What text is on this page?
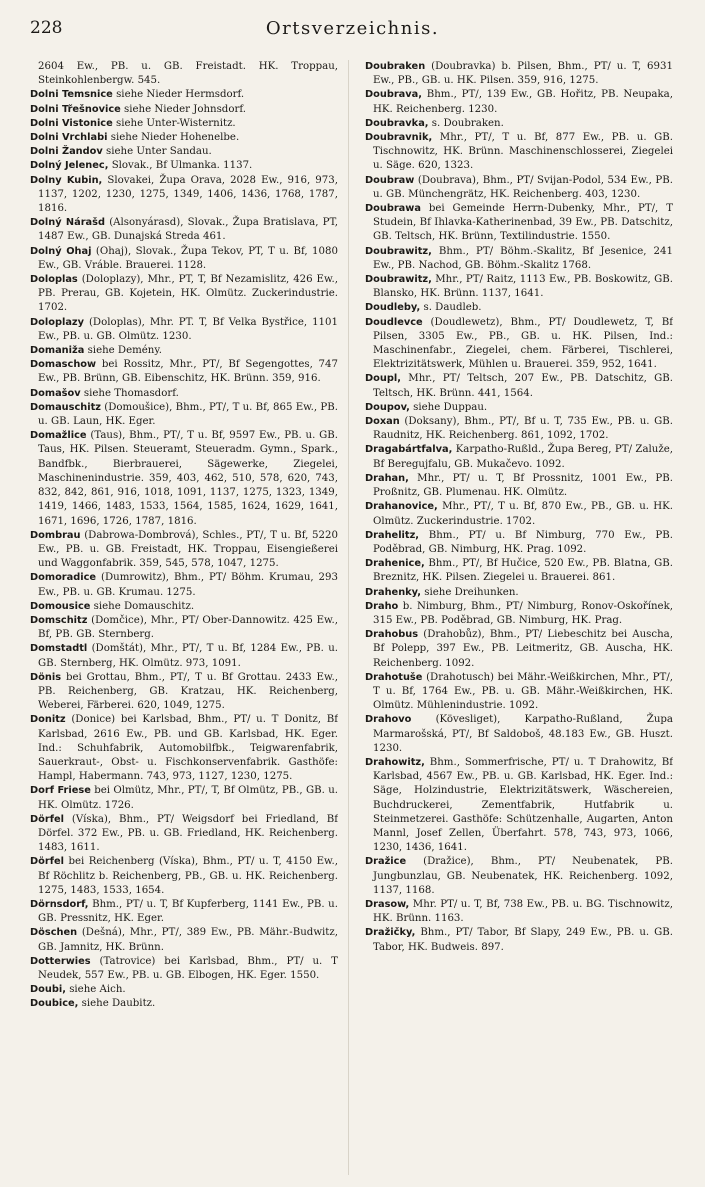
228	Ortsverzeichnis.

2604 Ew., PB. u. GB. Freistadt. HK. Troppau, Steinkohlenbergw. 545.

Dolni Temsnice siehe Nieder Hermsdorf.

Dolni Třešnovice siehe Nieder Johnsdorf.

Dolni Vistonice siehe Unter-Wisternitz.

Dolni Vrchlabi siehe Nieder Hohenelbe.

Dolni Žandov siehe Unter Sandau.

Dolný Jelenec, Slovak., Bf Ulmanka. 1137.

Dolny Kubin, Slovakei, Župa Orava, 2028 Ew., 916, 973, 1137, 1202, 1230, 1275, 1349, 1406, 1436, 1768, 1787, 1816.

Dolný Nárašd (Alsonyárasd), Slovak., Župa Bratislava, PT, 1487 Ew., GB. Dunajská Streda 461.

Dolný Ohaj (Ohaj), Slovak., Župa Tekov, PT, T u. Bf, 1080 Ew., GB. Vráble. Brauerei. 1128.

Doloplas (Doloplazy), Mhr., PT, T, Bf Nezamislitz, 426 Ew., PB. Prerau, GB. Kojetein, HK. Olmütz. Zuckerindustrie. 1702.

Doloplazy (Doloplas), Mhr. PT. T, Bf Velka Bystřice, 1101 Ew., PB. u. GB. Olmütz. 1230.

Domaniža siehe Demény.

Domaschow bei Rossitz, Mhr., PT/, Bf Segengottes, 747 Ew., PB. Brünn, GB. Eibenschitz, HK. Brünn. 359, 916.

Domašov siehe Thomasdorf.

Domauschitz (Domoušice), Bhm., PT/, T u. Bf, 865 Ew., PB. u. GB. Laun, HK. Eger.

Domažlice (Taus), Bhm., PT/, T u. Bf, 9597 Ew., PB. u. GB. Taus, HK. Pilsen. Steueramt, Steueradm. Gymn., Spark., Bandfbk., Bierbrauerei, Sägewerke, Ziegelei, Maschinenindustrie. 359, 403, 462, 510, 578, 620, 743, 832, 842, 861, 916, 1018, 1091, 1137, 1275, 1323, 1349, 1419, 1466, 1483, 1533, 1564, 1585, 1624, 1629, 1641, 1671, 1696, 1726, 1787, 1816.

Dombrau (Dabrowa-Dombrová), Schles., PT/, T u. Bf, 5220 Ew., PB. u. GB. Freistadt, HK. Troppau, Eisengießerei und Waggonfabrik. 359, 545, 578, 1047, 1275.

Domoradice (Dumrowitz), Bhm., PT/ Böhm. Krumau, 293 Ew., PB. u. GB. Krumau. 1275.

Domousice siehe Domauschitz.

Domschitz (Domčice), Mhr., PT/ Ober-Dannowitz. 425 Ew., Bf, PB. GB. Sternberg.

Domstadtl (Domštát), Mhr., PT/, T u. Bf, 1284 Ew., PB. u. GB. Sternberg, HK. Olmütz. 973, 1091.

Dönis bei Grottau, Bhm., PT/, T u. Bf Grottau. 2433 Ew., PB. Reichenberg, GB. Kratzau, HK. Reichenberg, Weberei, Färberei. 620, 1049, 1275.

Donitz (Donice) bei Karlsbad, Bhm., PT/ u. T Donitz, Bf Karlsbad, 2616 Ew., PB. und GB. Karlsbad, HK. Eger. Ind.: Schuhfabrik, Automobilfbk., Teigwarenfabrik, Sauerkraut-, Obst- u. Fischkonservenfabrik. Gasthöfe: Hampl, Habermann. 743, 973, 1127, 1230, 1275.

Dorf Friese bei Olmütz, Mhr., PT/, T, Bf Olmütz, PB., GB. u. HK. Olmütz. 1726.

Dörfel (Víska), Bhm., PT/ Weigsdorf bei Friedland, Bf Dörfel. 372 Ew., PB. u. GB. Friedland, HK. Reichenberg. 1483, 1611.

Dörfel bei Reichenberg (Víska), Bhm., PT/ u. T, 4150 Ew., Bf Röchlitz b. Reichenberg, PB., GB. u. HK. Reichenberg. 1275, 1483, 1533, 1654.

Dörnsdorf, Bhm., PT/ u. T, Bf Kupferberg, 1141 Ew., PB. u. GB. Pressnitz, HK. Eger.

Döschen (Dešná), Mhr., PT/, 389 Ew., PB. Mähr.-Budwitz, GB. Jamnitz, HK. Brünn.

Dotterwies (Tatrovice) bei Karlsbad, Bhm., PT/ u. T Neudek, 557 Ew., PB. u. GB. Elbogen, HK. Eger. 1550.

Doubi, siehe Aich.

Doubice, siehe Daubitz.

Doubraken (Doubravka) b. Pilsen, Bhm., PT/ u. T, 6931 Ew., PB., GB. u. HK. Pilsen. 359, 916, 1275.

Doubrava, Bhm., PT/, 139 Ew., GB. Hořitz, PB. Neupaka, HK. Reichenberg. 1230.

Doubravka, s. Doubraken.

Doubravnik, Mhr., PT/, T u. Bf, 877 Ew., PB. u. GB. Tischnowitz, HK. Brünn. Maschinenschlosserei, Ziegelei u. Säge. 620, 1323.

Doubraw (Doubrava), Bhm., PT/ Svijan-Podol, 534 Ew., PB. u. GB. Münchengrätz, HK. Reichenberg. 403, 1230.

Doubrawa bei Gemeinde Herrn-Dubenky, Mhr., PT/, T Studein, Bf Ihlavka-Katherinenbad, 39 Ew., PB. Datschitz, GB. Teltsch, HK. Brünn, Textilindustrie. 1550.

Doubrawitz, Bhm., PT/ Böhm.-Skalitz, Bf Jesenice, 241 Ew., PB. Nachod, GB. Böhm.-Skalitz 1768.

Doubrawitz, Mhr., PT/ Raitz, 1113 Ew., PB. Boskowitz, GB. Blansko, HK. Brünn. 1137, 1641.

Doudleby, s. Daudleb.

Doudlevce (Doudlewetz), Bhm., PT/ Doudlewetz, T, Bf Pilsen, 3305 Ew., PB., GB. u. HK. Pilsen, Ind.: Maschinenfabr., Ziegelei, chem. Färberei, Tischlerei, Elektrizitätswerk, Mühlen u. Brauerei. 359, 952, 1641.

Doupl, Mhr., PT/ Teltsch, 207 Ew., PB. Datschitz, GB. Teltsch, HK. Brünn. 441, 1564.

Doupov, siehe Duppau.

Doxan (Doksany), Bhm., PT/, Bf u. T, 735 Ew., PB. u. GB. Raudnitz, HK. Reichenberg. 861, 1092, 1702.

Dragabártfalva, Karpatho-Rußld., Župa Bereg, PT/ Zaluže, Bf Beregujfalu, GB. Mukačevo. 1092.

Drahan, Mhr., PT/ u. T, Bf Prossnitz, 1001 Ew., PB. Proßnitz, GB. Plumenau. HK. Olmütz.

Drahanovice, Mhr., PT/, T u. Bf, 870 Ew., PB., GB. u. HK. Olmütz. Zuckerindustrie. 1702.

Drahelitz, Bhm., PT/ u. Bf Nimburg, 770 Ew., PB. Poděbrad, GB. Nimburg, HK. Prag. 1092.

Drahenice, Bhm., PT/, Bf Hučice, 520 Ew., PB. Blatna, GB. Breznitz, HK. Pilsen. Ziegelei u. Brauerei. 861.

Drahenky, siehe Dreihunken.

Draho b. Nimburg, Bhm., PT/ Nimburg, Ronov-Oskořínek, 315 Ew., PB. Poděbrad, GB. Nimburg, HK. Prag.

Drahobus (Drahobůz), Bhm., PT/ Liebeschitz bei Auscha, Bf Polepp, 397 Ew., PB. Leitmeritz, GB. Auscha, HK. Reichenberg. 1092.

Drahotuše (Drahotusch) bei Mähr.-Weißkirchen, Mhr., PT/, T u. Bf, 1764 Ew., PB. u. GB. Mähr.-Weißkirchen, HK. Olmütz. Mühlenindustrie. 1092.

Drahovo (Kövesliget), Karpatho-Rußland, Župa Marmarošská, PT/, Bf Saldoboš, 48.183 Ew., GB. Huszt. 1230.

Drahowitz, Bhm., Sommerfrische, PT/ u. T Drahowitz, Bf Karlsbad, 4567 Ew., PB. u. GB. Karlsbad, HK. Eger. Ind.: Säge, Holzindustrie, Elektrizitätswerk, Wäschereien, Buchdruckerei, Zementfabrik, Hutfabrik u. Steinmetzerei. Gasthöfe: Schützenhalle, Augarten, Anton Mannl, Josef Zellen, Überfahrt. 578, 743, 973, 1066, 1230, 1436, 1641.

Dražice (Dražice), Bhm., PT/ Neubenatek, PB. Jungbunzlau, GB. Neubenatek, HK. Reichenberg. 1092, 1137, 1168.

Drasow, Mhr. PT/ u. T, Bf, 738 Ew., PB. u. BG. Tischnowitz, HK. Brünn. 1163.

Dražičky, Bhm., PT/ Tabor, Bf Slapy, 249 Ew., PB. u. GB. Tabor, HK. Budweis. 897.
